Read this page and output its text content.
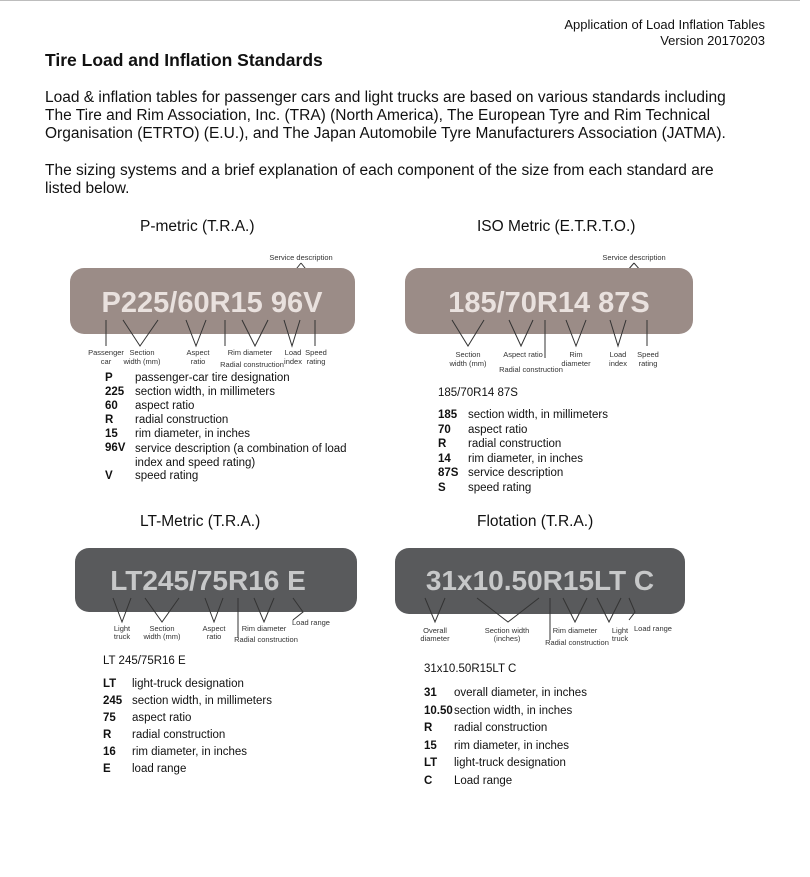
Application of Load Inflation Tables
Version 20170203
Tire Load and Inflation Standards
Load & inflation tables for passenger cars and light trucks are based on various standards including
The Tire and Rim Association, Inc. (TRA) (North America), The European Tyre and Rim Technical
Organisation (ETRTO) (E.U.), and The Japan Automobile Tyre Manufacturers Association (JATMA).
The sizing systems and a brief explanation of each component of the size from each standard are
listed below.
P-metric (T.R.A.)
Service description
P225/60R15 96V
Passenger
car
Section
width (mm)
Aspect
ratio
Rim diameter
Radial construction
Load
index
Speed
rating
P passenger-car tire designation
225 section width, in millimeters
60 aspect ratio
R radial construction
15 rim diameter, in inches
96V service description (a combination of load index and speed rating)
V speed rating
ISO Metric (E.T.R.T.O.)
Service description
185/70R14 87S
Section
width (mm)
Aspect ratio
Radial construction
Rim
diameter
Load
index
Speed
rating
185/70R14 87S
185 section width, in millimeters
70 aspect ratio
R radial construction
14 rim diameter, in inches
87S service description
S speed rating
LT-Metric (T.R.A.)
LT245/75R16 E
Light
truck
Section
width (mm)
Aspect
ratio
Rim diameter
Radial construction
Load range
LT 245/75R16 E
LT light-truck designation
245 section width, in millimeters
75 aspect ratio
R radial construction
16 rim diameter, in inches
E load range
Flotation (T.R.A.)
31x10.50R15LT C
Overall
diameter
Section width
(inches)
Rim diameter
Radial construction
Light
truck
Load range
31x10.50R15LT C
31 overall diameter, in inches
10.50 section width, in inches
R radial construction
15 rim diameter, in inches
LT light-truck designation
C Load range
